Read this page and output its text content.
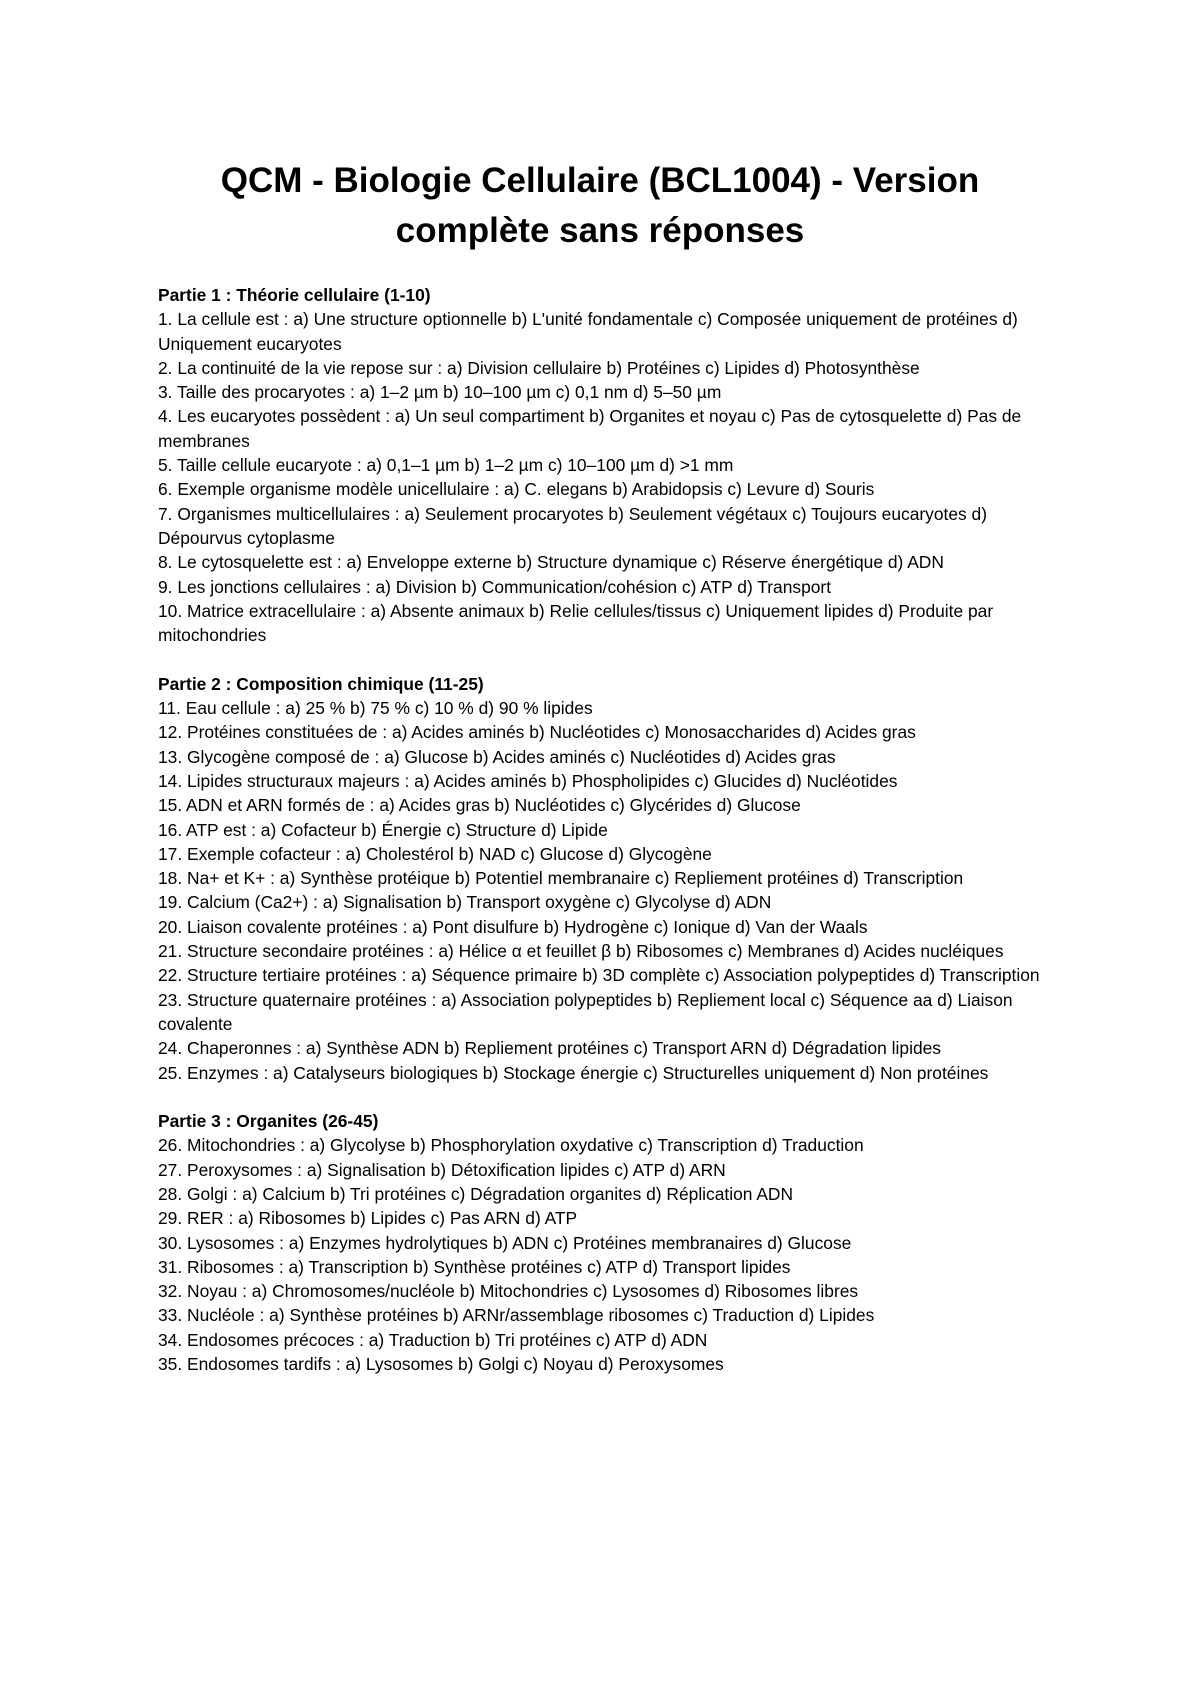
QCM - Biologie Cellulaire (BCL1004) - Version
complète sans réponses

Partie 1 : Théorie cellulaire (1-10)

1. La cellule est : a) Une structure optionnelle b) L'unité fondamentale c) Composée uniquement de protéines d) Uniquement eucaryotes

2. La continuité de la vie repose sur : a) Division cellulaire b) Protéines c) Lipides d) Photosynthèse

3. Taille des procaryotes : a) 1–2 µm b) 10–100 µm c) 0,1 nm d) 5–50 µm

4. Les eucaryotes possèdent : a) Un seul compartiment b) Organites et noyau c) Pas de cytosquelette d) Pas de membranes

5. Taille cellule eucaryote : a) 0,1–1 µm b) 1–2 µm c) 10–100 µm d) >1 mm

6. Exemple organisme modèle unicellulaire : a) C. elegans b) Arabidopsis c) Levure d) Souris

7. Organismes multicellulaires : a) Seulement procaryotes b) Seulement végétaux c) Toujours eucaryotes d) Dépourvus cytoplasme

8. Le cytosquelette est : a) Enveloppe externe b) Structure dynamique c) Réserve énergétique d) ADN

9. Les jonctions cellulaires : a) Division b) Communication/cohésion c) ATP d) Transport

10. Matrice extracellulaire : a) Absente animaux b) Relie cellules/tissus c) Uniquement lipides d) Produite par mitochondries

Partie 2 : Composition chimique (11-25)

11. Eau cellule : a) 25 % b) 75 % c) 10 % d) 90 % lipides

12. Protéines constituées de : a) Acides aminés b) Nucléotides c) Monosaccharides d) Acides gras

13. Glycogène composé de : a) Glucose b) Acides aminés c) Nucléotides d) Acides gras

14. Lipides structuraux majeurs : a) Acides aminés b) Phospholipides c) Glucides d) Nucléotides

15. ADN et ARN formés de : a) Acides gras b) Nucléotides c) Glycérides d) Glucose

16. ATP est : a) Cofacteur b) Énergie c) Structure d) Lipide

17. Exemple cofacteur : a) Cholestérol b) NAD c) Glucose d) Glycogène

18. Na+ et K+ : a) Synthèse protéique b) Potentiel membranaire c) Repliement protéines d) Transcription

19. Calcium (Ca2+) : a) Signalisation b) Transport oxygène c) Glycolyse d) ADN

20. Liaison covalente protéines : a) Pont disulfure b) Hydrogène c) Ionique d) Van der Waals

21. Structure secondaire protéines : a) Hélice α et feuillet β b) Ribosomes c) Membranes d) Acides nucléiques

22. Structure tertiaire protéines : a) Séquence primaire b) 3D complète c) Association polypeptides d) Transcription

23. Structure quaternaire protéines : a) Association polypeptides b) Repliement local c) Séquence aa d) Liaison covalente

24. Chaperonnes : a) Synthèse ADN b) Repliement protéines c) Transport ARN d) Dégradation lipides

25. Enzymes : a) Catalyseurs biologiques b) Stockage énergie c) Structurelles uniquement d) Non protéines

Partie 3 : Organites (26-45)

26. Mitochondries : a) Glycolyse b) Phosphorylation oxydative c) Transcription d) Traduction

27. Peroxysomes : a) Signalisation b) Détoxification lipides c) ATP d) ARN

28. Golgi : a) Calcium b) Tri protéines c) Dégradation organites d) Réplication ADN

29. RER : a) Ribosomes b) Lipides c) Pas ARN d) ATP

30. Lysosomes : a) Enzymes hydrolytiques b) ADN c) Protéines membranaires d) Glucose

31. Ribosomes : a) Transcription b) Synthèse protéines c) ATP d) Transport lipides

32. Noyau : a) Chromosomes/nucléole b) Mitochondries c) Lysosomes d) Ribosomes libres

33. Nucléole : a) Synthèse protéines b) ARNr/assemblage ribosomes c) Traduction d) Lipides

34. Endosomes précoces : a) Traduction b) Tri protéines c) ATP d) ADN

35. Endosomes tardifs : a) Lysosomes b) Golgi c) Noyau d) Peroxysomes
